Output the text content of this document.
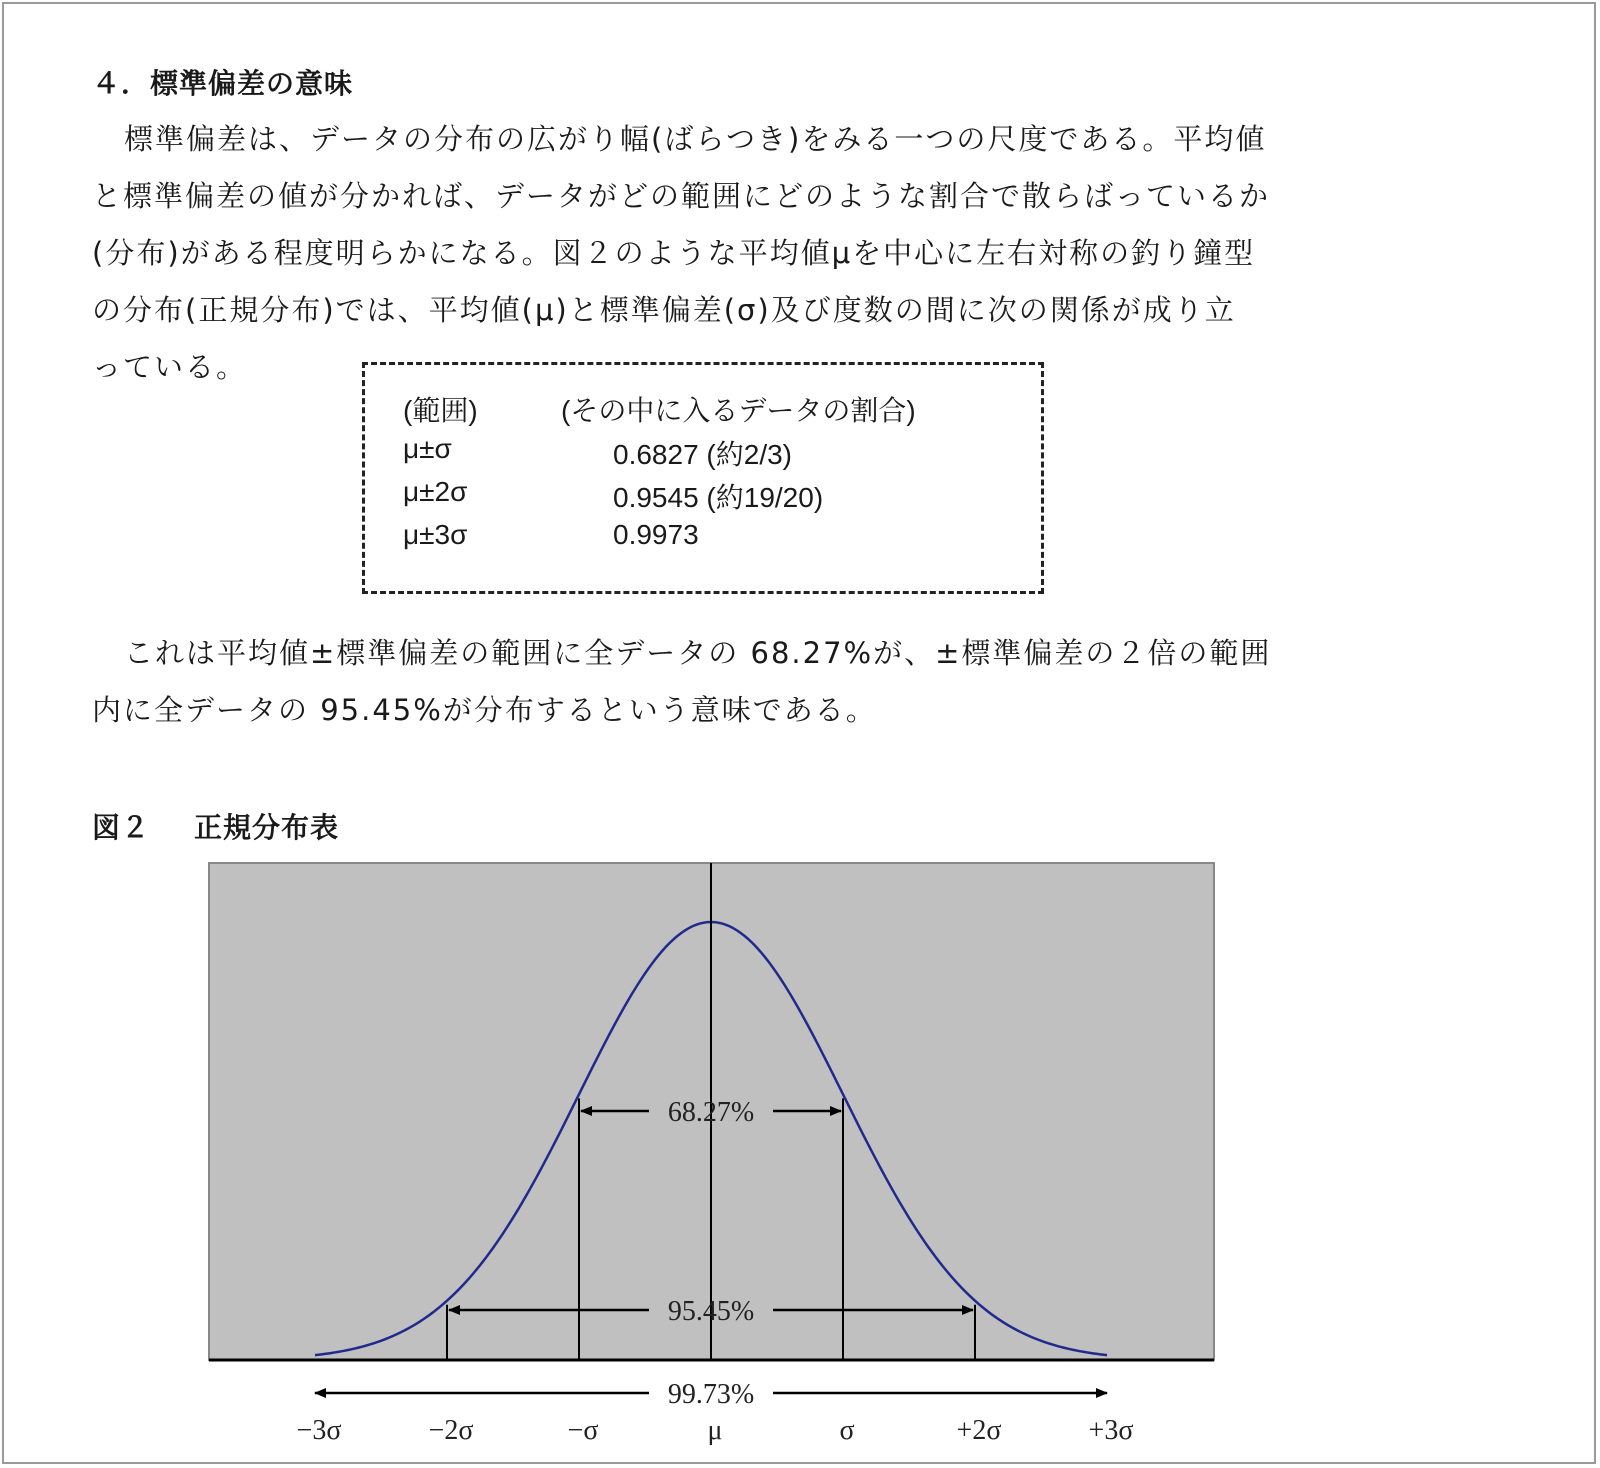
４．標準偏差の意味
標準偏差は、データの分布の広がり幅(ばらつき)をみる一つの尺度である。平均値
と標準偏差の値が分かれば、データがどの範囲にどのような割合で散らばっているか
(分布)がある程度明らかになる。図２のような平均値μを中心に左右対称の釣り鐘型
の分布(正規分布)では、平均値(μ)と標準偏差(σ)及び度数の間に次の関係が成り立
っている。
(範囲)	(その中に入るデータの割合)
μ±σ	0.6827 (約2/3)
μ±2σ	0.9545 (約19/20)
μ±3σ	0.9973
これは平均値±標準偏差の範囲に全データの 68.27%が、±標準偏差の２倍の範囲
内に全データの 95.45%が分布するという意味である。
図２ 正規分布表
68.27%
95.45%
99.73%
−3σ	−2σ	−σ	μ	σ	+2σ	+3σ
